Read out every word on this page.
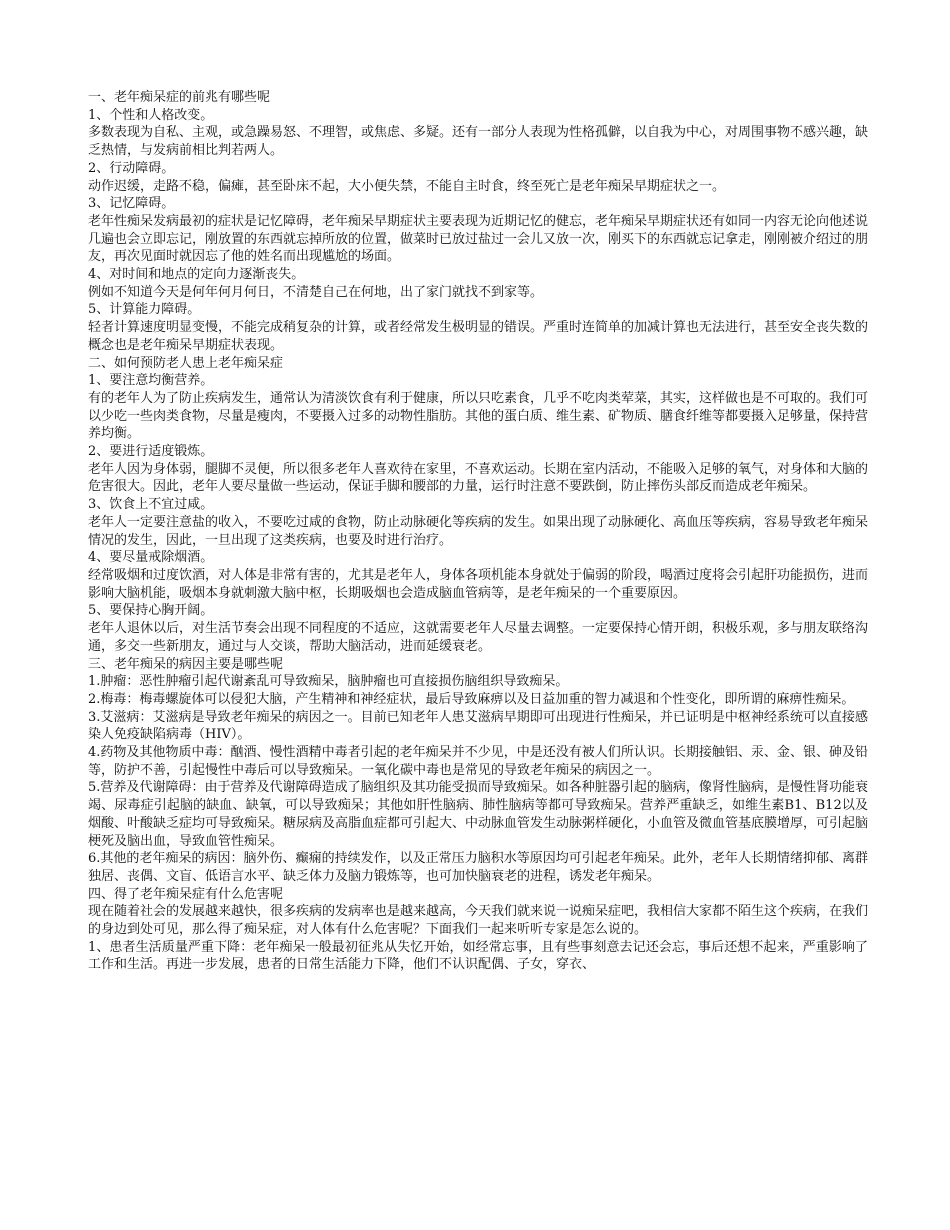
一、老年痴呆症的前兆有哪些呢

1、个性和人格改变。

多数表现为自私、主观，或急躁易怒、不理智，或焦虑、多疑。还有一部分人表现为性格孤僻，以自我为中心，对周围事物不感兴趣，缺乏热情，与发病前相比判若两人。

2、行动障碍。

动作迟缓，走路不稳，偏瘫，甚至卧床不起，大小便失禁，不能自主时食，终至死亡是老年痴呆早期症状之一。

3、记忆障碍。

老年性痴呆发病最初的症状是记忆障碍，老年痴呆早期症状主要表现为近期记忆的健忘，老年痴呆早期症状还有如同一内容无论向他述说几遍也会立即忘记，刚放置的东西就忘掉所放的位置，做菜时已放过盐过一会儿又放一次，刚买下的东西就忘记拿走，刚刚被介绍过的朋友，再次见面时就因忘了他的姓名而出现尴尬的场面。

4、对时间和地点的定向力逐渐丧失。

例如不知道今天是何年何月何日，不清楚自己在何地，出了家门就找不到家等。

5、计算能力障碍。

轻者计算速度明显变慢，不能完成稍复杂的计算，或者经常发生极明显的错误。严重时连简单的加减计算也无法进行，甚至安全丧失数的概念也是老年痴呆早期症状表现。

二、如何预防老人患上老年痴呆症

1、要注意均衡营养。

有的老年人为了防止疾病发生，通常认为清淡饮食有利于健康，所以只吃素食，几乎不吃肉类荤菜，其实，这样做也是不可取的。我们可以少吃一些肉类食物，尽量是瘦肉，不要摄入过多的动物性脂肪。其他的蛋白质、维生素、矿物质、膳食纤维等都要摄入足够量，保持营养均衡。

2、要进行适度锻炼。

老年人因为身体弱，腿脚不灵便，所以很多老年人喜欢待在家里，不喜欢运动。长期在室内活动，不能吸入足够的氧气，对身体和大脑的危害很大。因此，老年人要尽量做一些运动，保证手脚和腰部的力量，运行时注意不要跌倒，防止摔伤头部反而造成老年痴呆。

3、饮食上不宜过咸。

老年人一定要注意盐的收入，不要吃过咸的食物，防止动脉硬化等疾病的发生。如果出现了动脉硬化、高血压等疾病，容易导致老年痴呆情况的发生，因此，一旦出现了这类疾病，也要及时进行治疗。

4、要尽量戒除烟酒。

经常吸烟和过度饮酒，对人体是非常有害的，尤其是老年人，身体各项机能本身就处于偏弱的阶段，喝酒过度将会引起肝功能损伤，进而影响大脑机能，吸烟本身就刺激大脑中枢，长期吸烟也会造成脑血管病等，是老年痴呆的一个重要原因。

5、要保持心胸开阔。

老年人退休以后，对生活节奏会出现不同程度的不适应，这就需要老年人尽量去调整。一定要保持心情开朗，积极乐观，多与朋友联络沟通，多交一些新朋友，通过与人交谈，帮助大脑活动，进而延缓衰老。

三、老年痴呆的病因主要是哪些呢

1.肿瘤：恶性肿瘤引起代谢紊乱可导致痴呆，脑肿瘤也可直接损伤脑组织导致痴呆。

2.梅毒：梅毒螺旋体可以侵犯大脑，产生精神和神经症状，最后导致麻痹以及日益加重的智力减退和个性变化，即所谓的麻痹性痴呆。

3.艾滋病：艾滋病是导致老年痴呆的病因之一。目前已知老年人患艾滋病早期即可出现进行性痴呆，并已证明是中枢神经系统可以直接感染人免疫缺陷病毒（HIV）。

4.药物及其他物质中毒：酗酒、慢性酒精中毒者引起的老年痴呆并不少见，中是还没有被人们所认识。长期接触铝、汞、金、银、砷及铅等，防护不善，引起慢性中毒后可以导致痴呆。一氧化碳中毒也是常见的导致老年痴呆的病因之一。

5.营养及代谢障碍：由于营养及代谢障碍造成了脑组织及其功能受损而导致痴呆。如各种脏器引起的脑病，像肾性脑病，是慢性肾功能衰竭、尿毒症引起脑的缺血、缺氧，可以导致痴呆；其他如肝性脑病、肺性脑病等都可导致痴呆。营养严重缺乏，如维生素B1、B12以及烟酸、叶酸缺乏症均可导致痴呆。糖尿病及高脂血症都可引起大、中动脉血管发生动脉粥样硬化，小血管及微血管基底膜增厚，可引起脑梗死及脑出血，导致血管性痴呆。

6.其他的老年痴呆的病因：脑外伤、癫痫的持续发作，以及正常压力脑积水等原因均可引起老年痴呆。此外，老年人长期情绪抑郁、离群独居、丧偶、文盲、低语言水平、缺乏体力及脑力锻炼等，也可加快脑衰老的进程，诱发老年痴呆。

四、得了老年痴呆症有什么危害呢

现在随着社会的发展越来越快，很多疾病的发病率也是越来越高，今天我们就来说一说痴呆症吧，我相信大家都不陌生这个疾病，在我们的身边到处可见，那么得了痴呆症，对人体有什么危害呢？下面我们一起来听听专家是怎么说的。

1、患者生活质量严重下降：老年痴呆一般最初征兆从失忆开始，如经常忘事，且有些事刻意去记还会忘，事后还想不起来，严重影响了工作和生活。再进一步发展，患者的日常生活能力下降，他们不认识配偶、子女，穿衣、
